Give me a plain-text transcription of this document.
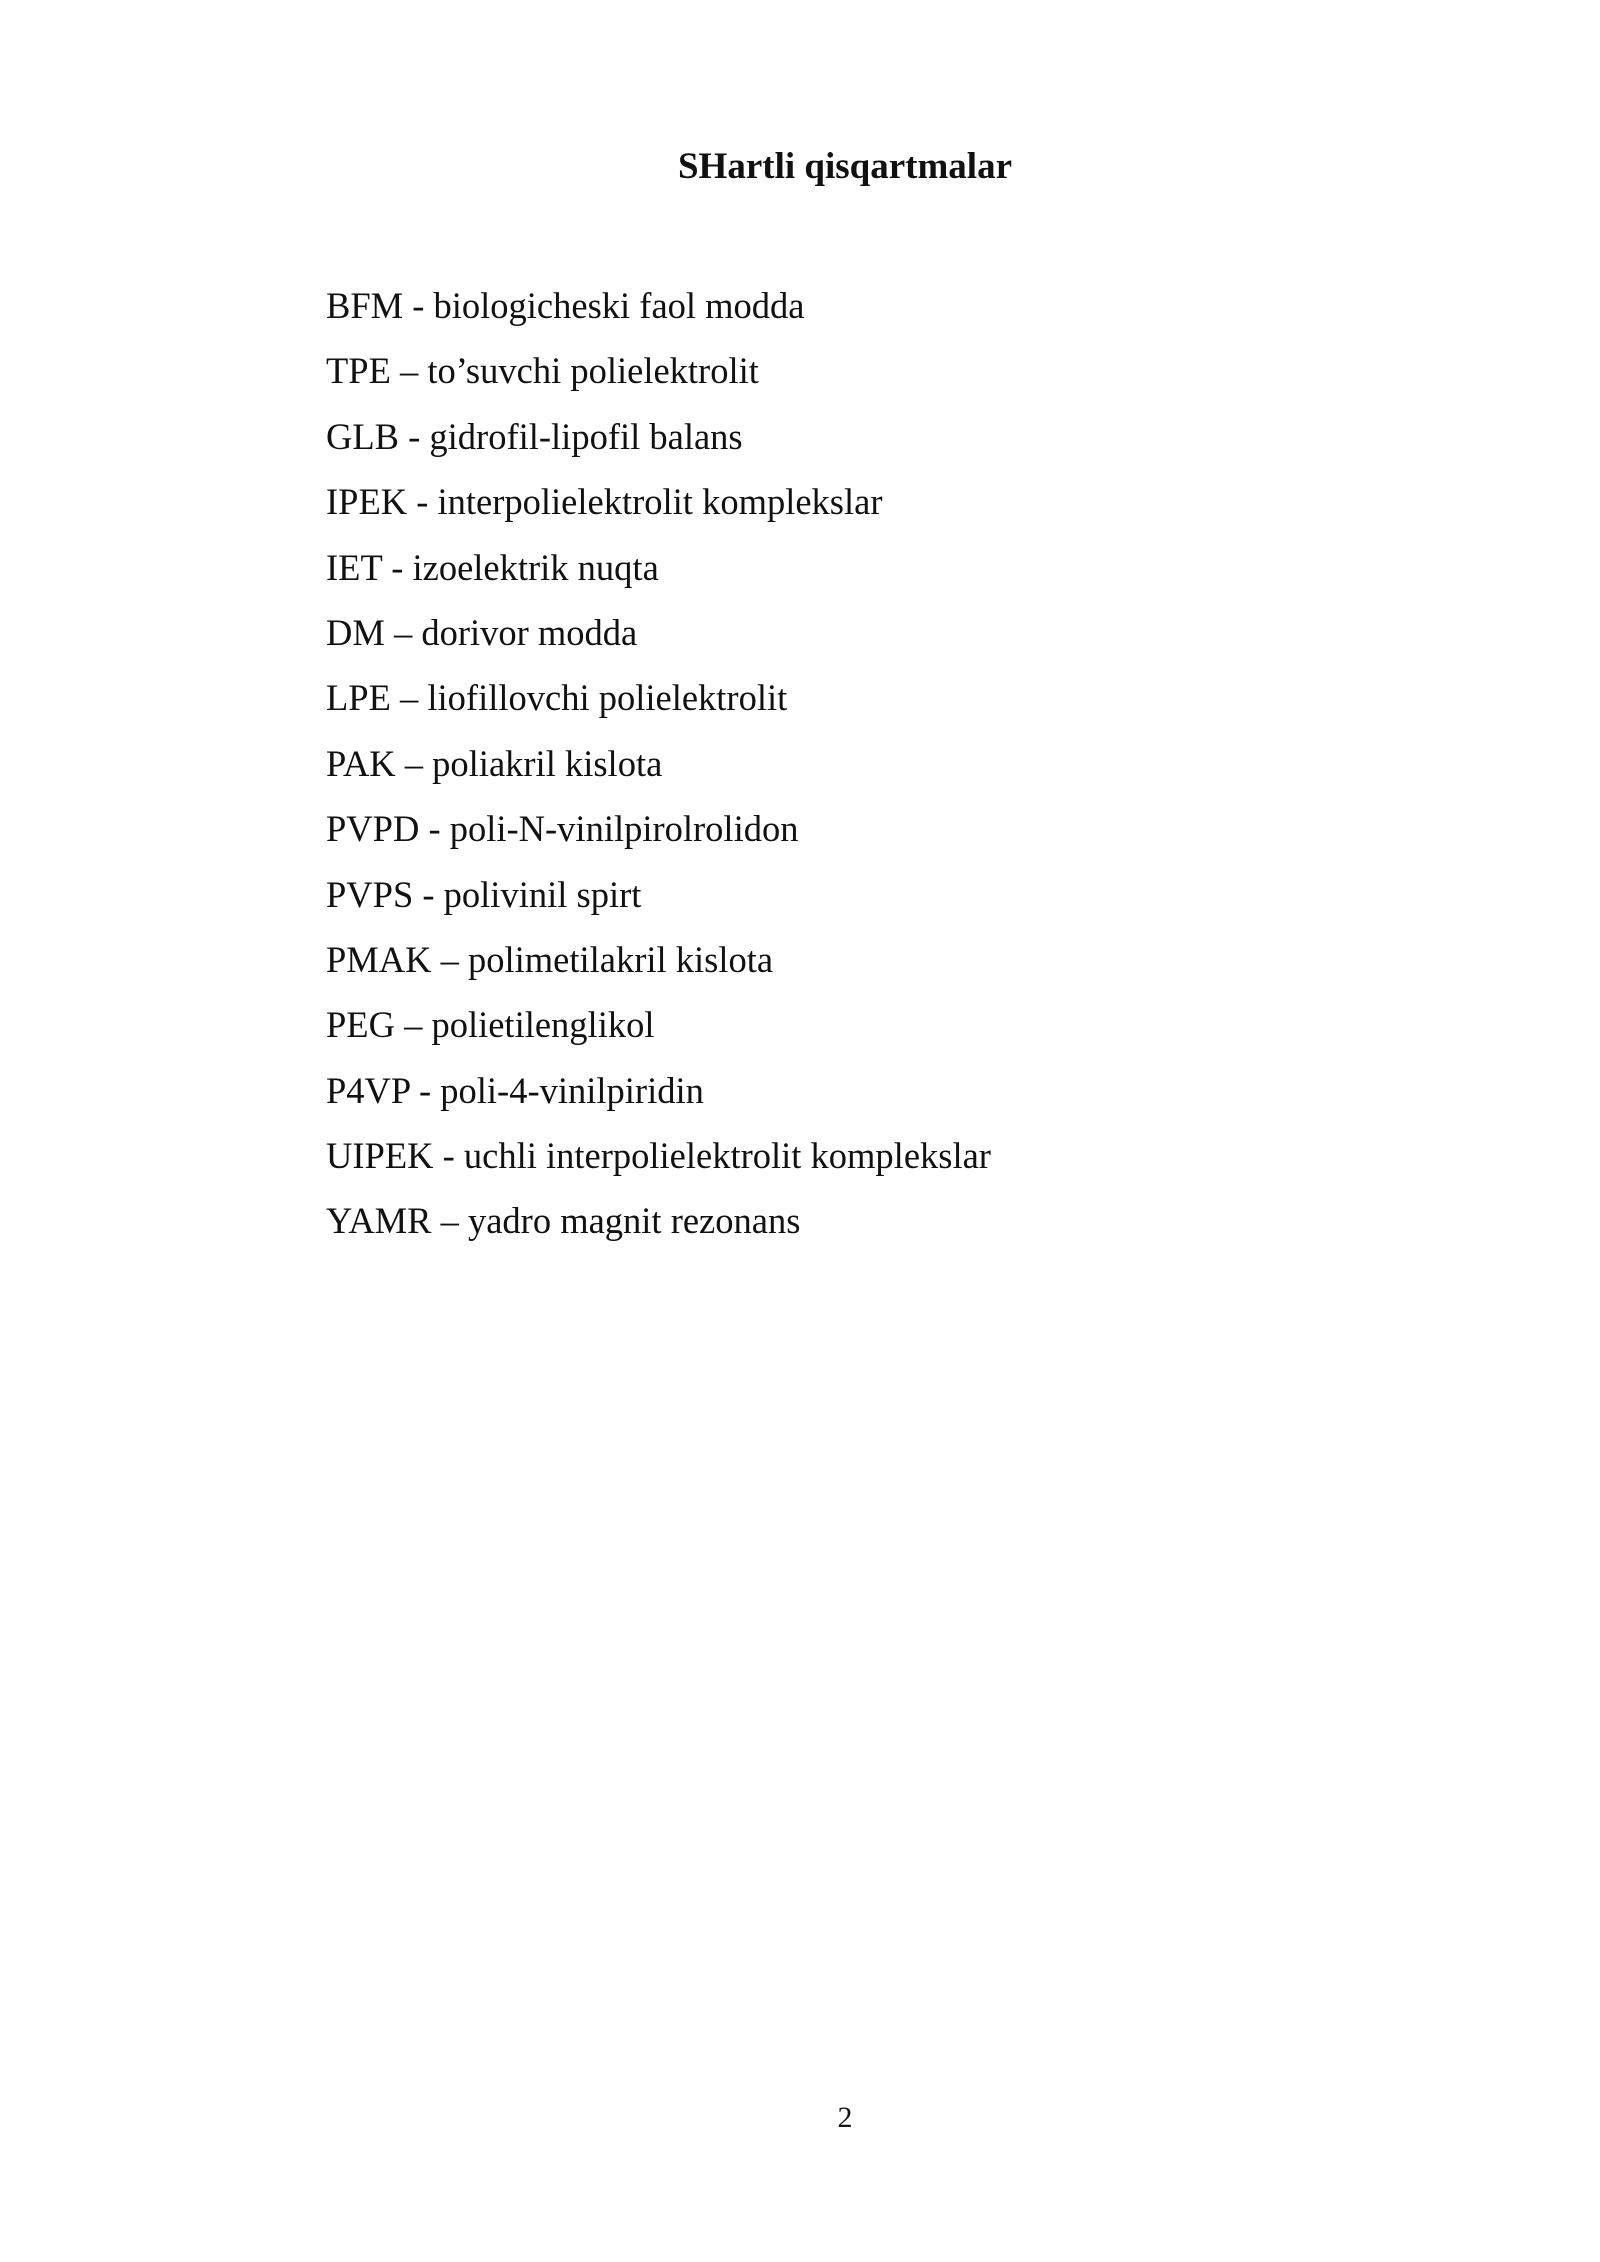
SHartli qisqartmalar
BFM - biologicheski faol modda
TPE – to’suvchi polielektrolit
GLB - gidrofil-lipofil balans
IPEK - interpolielektrolit komplekslar
IET - izoelektrik nuqta
DM – dorivor modda
LPE – liofillovchi polielektrolit
PAK – poliakril kislota
PVPD - poli-N-vinilpirolrolidon
PVPS - polivinil spirt
PMAK – polimetilakril kislota
PEG – polietilenglikol
P4VP - poli-4-vinilpiridin
UIPEK - uchli interpolielektrolit komplekslar
YAMR – yadro magnit rezonans
2
